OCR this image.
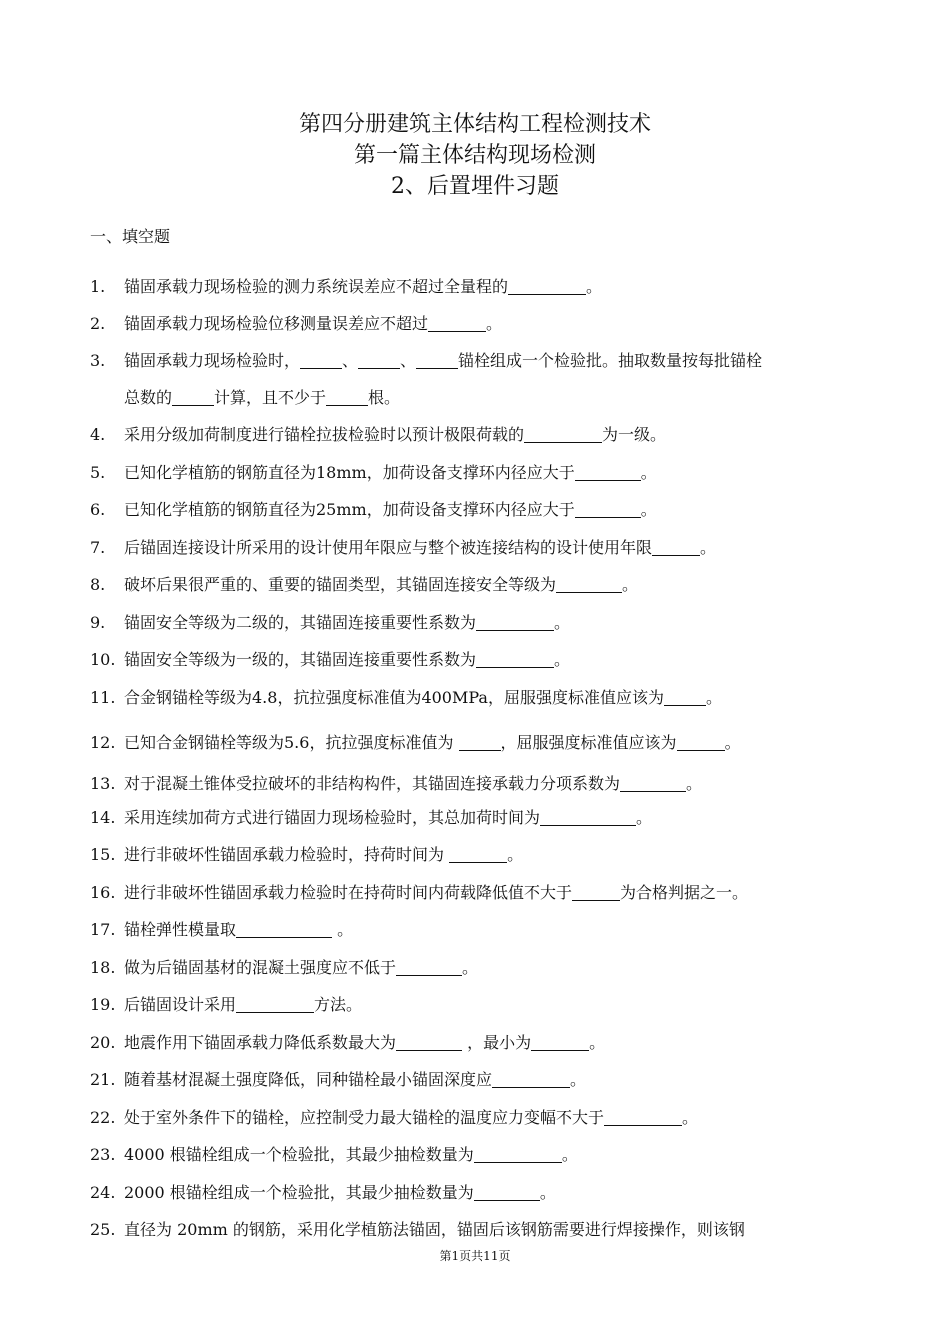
第四分册建筑主体结构工程检测技术
第一篇主体结构现场检测
2、后置埋件习题
一、填空题
1. 锚固承载力现场检验的测力系统误差应不超过全量程的	。
2. 锚固承载力现场检验位移测量误差应不超过	。
3. 锚固承载力现场检验时，	、	、	锚栓组成一个检验批。抽取数量按每批锚栓
总数的	计算，且不少于	根。
4. 采用分级加荷制度进行锚栓拉拔检验时以预计极限荷载的	为一级。
5. 已知化学植筋的钢筋直径为18mm，加荷设备支撑环内径应大于	。
6. 已知化学植筋的钢筋直径为25mm，加荷设备支撑环内径应大于	。
7. 后锚固连接设计所采用的设计使用年限应与整个被连接结构的设计使用年限	。
8. 破坏后果很严重的、重要的锚固类型，其锚固连接安全等级为	。
9. 锚固安全等级为二级的，其锚固连接重要性系数为	。
10. 锚固安全等级为一级的，其锚固连接重要性系数为	。
11. 合金钢锚栓等级为4.8，抗拉强度标准值为400MPa，屈服强度标准值应该为	。
12. 已知合金钢锚栓等级为5.6，抗拉强度标准值为	，屈服强度标准值应该为	。
13. 对于混凝土锥体受拉破坏的非结构构件，其锚固连接承载力分项系数为	。
14. 采用连续加荷方式进行锚固力现场检验时，其总加荷时间为	。
15. 进行非破坏性锚固承载力检验时，持荷时间为	。
16. 进行非破坏性锚固承载力检验时在持荷时间内荷载降低值不大于	为合格判据之一。
17. 锚栓弹性模量取	。
18. 做为后锚固基材的混凝土强度应不低于	。
19. 后锚固设计采用	方法。
20. 地震作用下锚固承载力降低系数最大为	，最小为	。
21. 随着基材混凝土强度降低，同种锚栓最小锚固深度应	。
22. 处于室外条件下的锚栓，应控制受力最大锚栓的温度应力变幅不大于	。
23. 4000 根锚栓组成一个检验批，其最少抽检数量为	。
24. 2000 根锚栓组成一个检验批，其最少抽检数量为	。
25. 直径为 20mm 的钢筋，采用化学植筋法锚固，锚固后该钢筋需要进行焊接操作，则该钢
第1页共11页
